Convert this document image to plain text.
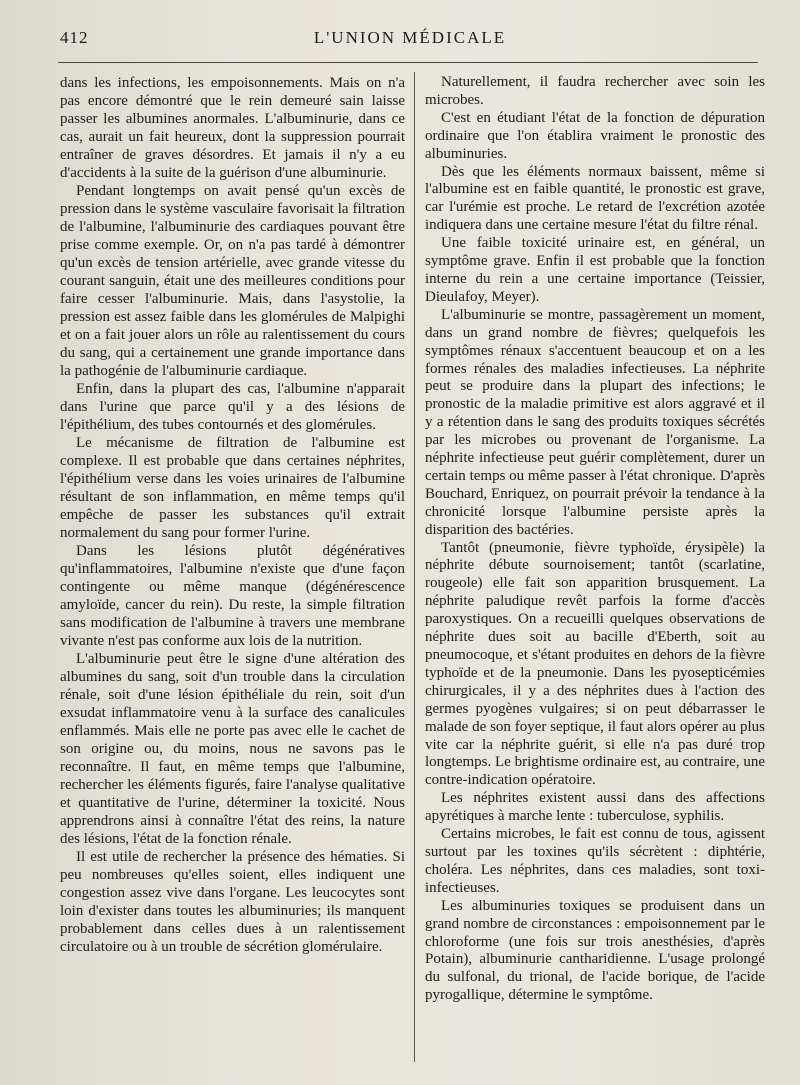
412	L'UNION MÉDICALE

dans les infections, les empoisonnements. Mais on n'a pas encore démontré que le rein demeuré sain laisse passer les albumines anormales. L'albuminurie, dans ce cas, aurait un fait heureux, dont la suppression pourrait entraîner de graves désordres. Et jamais il n'y a eu d'accidents à la suite de la guérison d'une albuminurie.

Pendant longtemps on avait pensé qu'un excès de pression dans le système vasculaire favorisait la filtration de l'albumine, l'albuminurie des cardiaques pouvant être prise comme exemple. Or, on n'a pas tardé à démontrer qu'un excès de tension artérielle, avec grande vitesse du courant sanguin, était une des meilleures conditions pour faire cesser l'albuminurie. Mais, dans l'asystolie, la pression est assez faible dans les glomérules de Malpighi et on a fait jouer alors un rôle au ralentissement du cours du sang, qui a certainement une grande importance dans la pathogénie de l'albuminurie cardiaque.

Enfin, dans la plupart des cas, l'albumine n'apparait dans l'urine que parce qu'il y a des lésions de l'épithélium, des tubes contournés et des glomérules.

Le mécanisme de filtration de l'albumine est complexe. Il est probable que dans certaines néphrites, l'épithélium verse dans les voies urinaires de l'albumine résultant de son inflammation, en même temps qu'il empêche de passer les substances qu'il extrait normalement du sang pour former l'urine.

Dans les lésions plutôt dégénératives qu'inflammatoires, l'albumine n'existe que d'une façon contingente ou même manque (dégénérescence amyloïde, cancer du rein). Du reste, la simple filtration sans modification de l'albumine à travers une membrane vivante n'est pas conforme aux lois de la nutrition.

L'albuminurie peut être le signe d'une altération des albumines du sang, soit d'un trouble dans la circulation rénale, soit d'une lésion épithéliale du rein, soit d'un exsudat inflammatoire venu à la surface des canalicules enflammés. Mais elle ne porte pas avec elle le cachet de son origine ou, du moins, nous ne savons pas le reconnaître. Il faut, en même temps que l'albumine, rechercher les éléments figurés, faire l'analyse qualitative et quantitative de l'urine, déterminer la toxicité. Nous apprendrons ainsi à connaître l'état des reins, la nature des lésions, l'état de la fonction rénale.

Il est utile de rechercher la présence des hématies. Si peu nombreuses qu'elles soient, elles indiquent une congestion assez vive dans l'organe. Les leucocytes sont loin d'exister dans toutes les albuminuries; ils manquent probablement dans celles dues à un ralentissement circulatoire ou à un trouble de sécrétion glomérulaire.

Naturellement, il faudra rechercher avec soin les microbes.

C'est en étudiant l'état de la fonction de dépuration ordinaire que l'on établira vraiment le pronostic des albuminuries.

Dès que les éléments normaux baissent, même si l'albumine est en faible quantité, le pronostic est grave, car l'urémie est proche. Le retard de l'excrétion azotée indiquera dans une certaine mesure l'état du filtre rénal.

Une faible toxicité urinaire est, en général, un symptôme grave. Enfin il est probable que la fonction interne du rein a une certaine importance (Teissier, Dieulafoy, Meyer).

L'albuminurie se montre, passagèrement un moment, dans un grand nombre de fièvres; quelquefois les symptômes rénaux s'accentuent beaucoup et on a les formes rénales des maladies infectieuses. La néphrite peut se produire dans la plupart des infections; le pronostic de la maladie primitive est alors aggravé et il y a rétention dans le sang des produits toxiques sécrétés par les microbes ou provenant de l'organisme. La néphrite infectieuse peut guérir complètement, durer un certain temps ou même passer à l'état chronique. D'après Bouchard, Enriquez, on pourrait prévoir la tendance à la chronicité lorsque l'albumine persiste après la disparition des bactéries.

Tantôt (pneumonie, fièvre typhoïde, érysipèle) la néphrite débute sournoisement; tantôt (scarlatine, rougeole) elle fait son apparition brusquement. La néphrite paludique revêt parfois la forme d'accès paroxystiques. On a recueilli quelques observations de néphrite dues soit au bacille d'Eberth, soit au pneumocoque, et s'étant produites en dehors de la fièvre typhoïde et de la pneumonie. Dans les pyosepticémies chirurgicales, il y a des néphrites dues à l'action des germes pyogènes vulgaires; si on peut débarrasser le malade de son foyer septique, il faut alors opérer au plus vite car la néphrite guérit, si elle n'a pas duré trop longtemps. Le brightisme ordinaire est, au contraire, une contre-indication opératoire.

Les néphrites existent aussi dans des affections apyrétiques à marche lente : tuberculose, syphilis.

Certains microbes, le fait est connu de tous, agissent surtout par les toxines qu'ils sécrètent : diphtérie, choléra. Les néphrites, dans ces maladies, sont toxi-infectieuses.

Les albuminuries toxiques se produisent dans un grand nombre de circonstances : empoisonnement par le chloroforme (une fois sur trois anesthésies, d'après Potain), albuminurie cantharidienne. L'usage prolongé du sulfonal, du trional, de l'acide borique, de l'acide pyrogallique, détermine le symptôme.
